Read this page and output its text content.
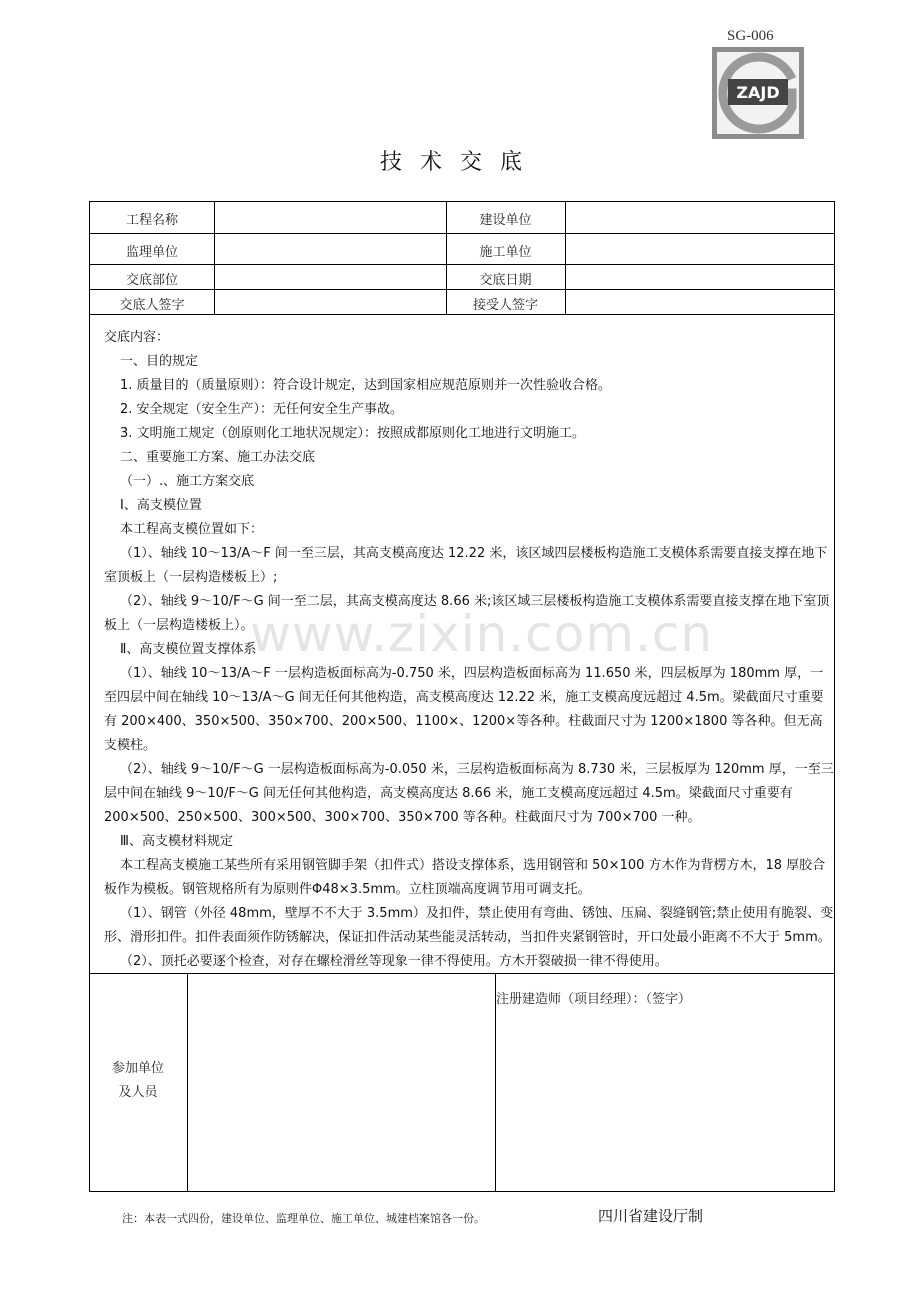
SG-006
ZAJD
技术交底
www.zixin.com.cn
工程名称	建设单位
监理单位	施工单位
交底部位	交底日期
交底人签字	接受人签字

交底内容：

一、目的规定

1. 质量目的（质量原则）：符合设计规定，达到国家相应规范原则并一次性验收合格。

2. 安全规定（安全生产）：无任何安全生产事故。

3. 文明施工规定（创原则化工地状况规定）：按照成都原则化工地进行文明施工。

二、重要施工方案、施工办法交底

（一）.、施工方案交底

Ⅰ、高支模位置

本工程高支模位置如下：

（1）、轴线 10～13/A～F 间一至三层，其高支模高度达 12.22 米，该区域四层楼板构造施工支模体系需要直接支撑在地下室顶板上（一层构造楼板上）;

（2）、轴线 9～10/F～G 间一至二层，其高支模高度达 8.66 米;该区域三层楼板构造施工支模体系需要直接支撑在地下室顶板上（一层构造楼板上）。

Ⅱ、高支模位置支撑体系

（1）、轴线 10～13/A～F 一层构造板面标高为-0.750 米，四层构造板面标高为 11.650 米，四层板厚为 180mm 厚，一至四层中间在轴线 10～13/A～G 间无任何其他构造，高支模高度达 12.22 米，施工支模高度远超过 4.5m。梁截面尺寸重要有 200×400、350×500、350×700、200×500、1100×、1200×等各种。柱截面尺寸为 1200×1800 等各种。但无高支模柱。

（2）、轴线 9～10/F～G 一层构造板面标高为-0.050 米，三层构造板面标高为 8.730 米，三层板厚为 120mm 厚，一至三层中间在轴线 9～10/F～G 间无任何其他构造，高支模高度达 8.66 米，施工支模高度远超过 4.5m。梁截面尺寸重要有 200×500、250×500、300×500、300×700、350×700 等各种。柱截面尺寸为 700×700 一种。

Ⅲ、高支模材料规定

本工程高支模施工某些所有采用钢管脚手架（扣件式）搭设支撑体系，选用钢管和 50×100 方木作为背楞方木，18 厚胶合板作为模板。钢管规格所有为原则件Φ48×3.5mm。立柱顶端高度调节用可调支托。

（1）、钢管（外径 48mm，壁厚不不大于 3.5mm）及扣件，禁止使用有弯曲、锈蚀、压扁、裂缝钢管;禁止使用有脆裂、变形、滑形扣件。扣件表面须作防锈解决，保证扣件活动某些能灵活转动，当扣件夹紧钢管时，开口处最小距离不不大于 5mm。

（2）、顶托必要逐个检查，对存在螺栓滑丝等现象一律不得使用。方木开裂破损一律不得使用。

注册建造师（项目经理）：（签字）
参加单位
及人员
注：本表一式四份，建设单位、监理单位、施工单位、城建档案馆各一份。	四川省建设厅制
